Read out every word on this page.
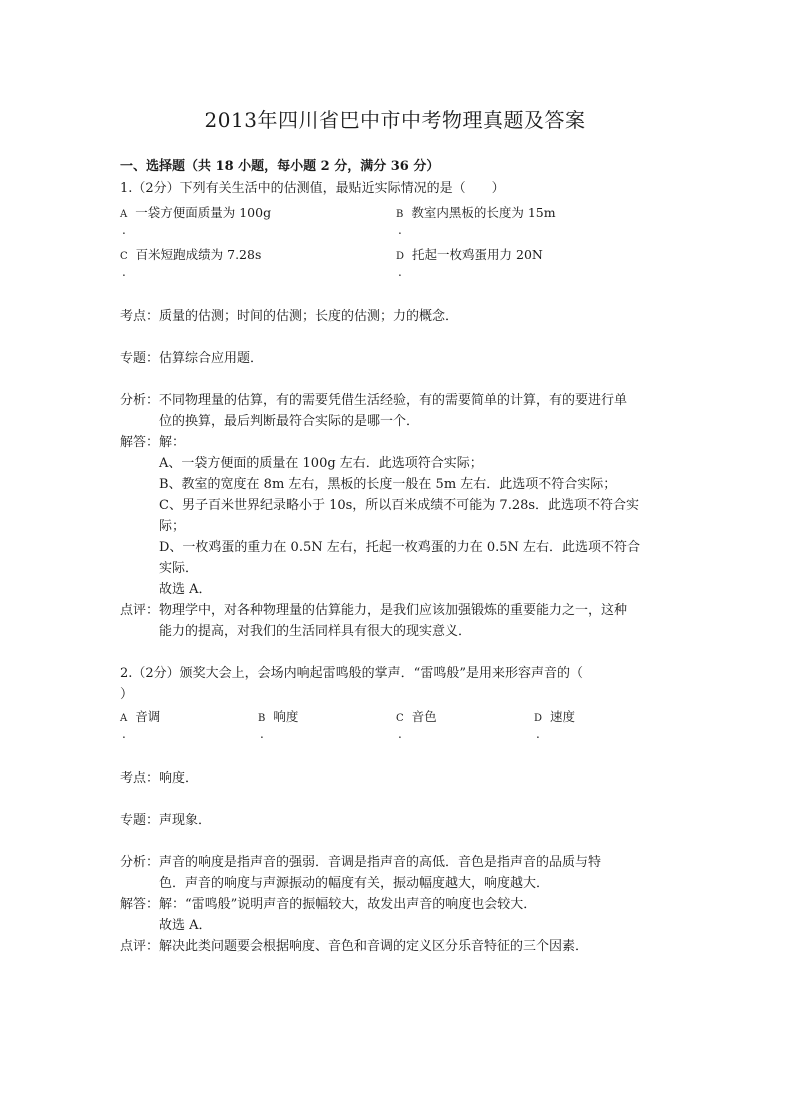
2013年四川省巴中市中考物理真题及答案
一、选择题（共 18 小题，每小题 2 分，满分 36 分）
1.（2分）下列有关生活中的估测值，最贴近实际情况的是（　　）
A 一袋方便面质量为 100g
.
B 教室内黑板的长度为 15m
.
C 百米短跑成绩为 7.28s
.
D 托起一枚鸡蛋用力 20N
.
考点：质量的估测；时间的估测；长度的估测；力的概念．
专题：估算综合应用题．
分析：不同物理量的估算，有的需要凭借生活经验，有的需要简单的计算，有的要进行单
位的换算，最后判断最符合实际的是哪一个．
解答：解：
A、一袋方便面的质量在 100g 左右．此选项符合实际；
B、教室的宽度在 8m 左右，黑板的长度一般在 5m 左右．此选项不符合实际；
C、男子百米世界纪录略小于 10s，所以百米成绩不可能为 7.28s．此选项不符合实
际；
D、一枚鸡蛋的重力在 0.5N 左右，托起一枚鸡蛋的力在 0.5N 左右．此选项不符合
实际．
故选 A．
点评：物理学中，对各种物理量的估算能力，是我们应该加强锻炼的重要能力之一，这种
能力的提高，对我们的生活同样具有很大的现实意义．
2.（2分）颁奖大会上，会场内响起雷鸣般的掌声．“雷鸣般”是用来形容声音的（
）
A 音调
.
B 响度
.
C 音色
.
D 速度
.
考点：响度．
专题：声现象．
分析：声音的响度是指声音的强弱．音调是指声音的高低．音色是指声音的品质与特
色．声音的响度与声源振动的幅度有关，振动幅度越大，响度越大．
解答：解：“雷鸣般”说明声音的振幅较大，故发出声音的响度也会较大．
故选 A．
点评：解决此类问题要会根据响度、音色和音调的定义区分乐音特征的三个因素．
